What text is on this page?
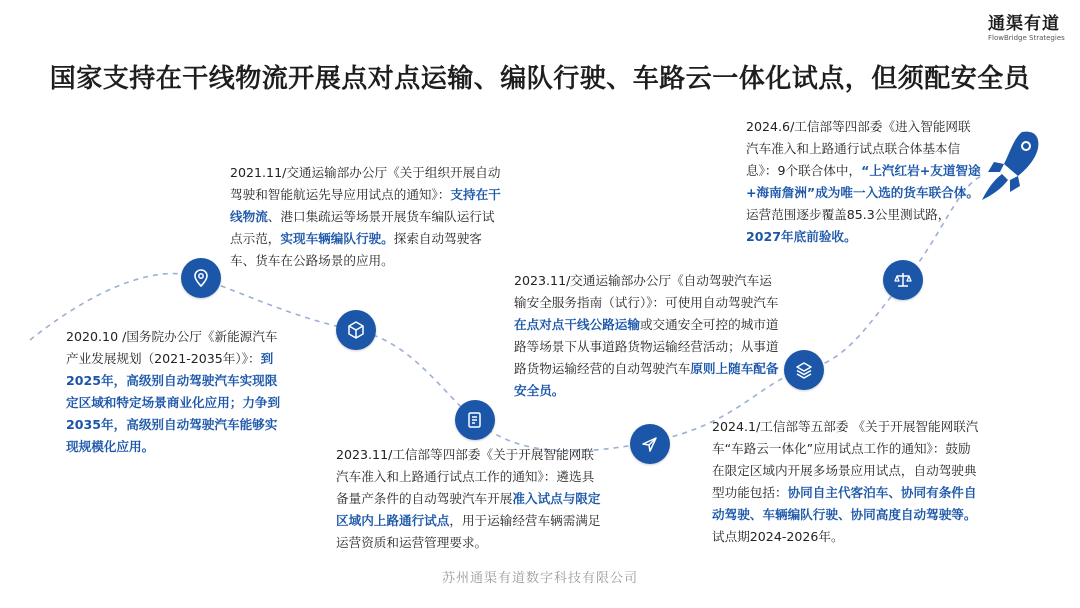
通渠有道
FlowBridge Strategies
国家支持在干线物流开展点对点运输、编队行驶、车路云一体化试点，但须配安全员
2021.11/交通运输部办公厅《关于组织开展自动驾驶和智能航运先导应用试点的通知》：支持在干线物流、港口集疏运等场景开展货车编队运行试点示范，实现车辆编队行驶。探索自动驾驶客车、货车在公路场景的应用。
2020.10 /国务院办公厅《新能源汽车产业发展规划（2021-2035年）》：到2025年，高级别自动驾驶汽车实现限定区域和特定场景商业化应用；力争到2035年，高级别自动驾驶汽车能够实现规模化应用。
2023.11/工信部等四部委《关于开展智能网联汽车准入和上路通行试点工作的通知》：遴选具备量产条件的自动驾驶汽车开展准入试点与限定区域内上路通行试点，用于运输经营车辆需满足运营资质和运营管理要求。
2023.11/交通运输部办公厅《自动驾驶汽车运输安全服务指南（试行）》：可使用自动驾驶汽车在点对点干线公路运输或交通安全可控的城市道路等场景下从事道路货物运输经营活动；从事道路货物运输经营的自动驾驶汽车原则上随车配备安全员。
2024.1/工信部等五部委 《关于开展智能网联汽车“车路云一体化”应用试点工作的通知》：鼓励在限定区域内开展多场景应用试点，自动驾驶典型功能包括：协同自主代客泊车、协同有条件自动驾驶、车辆编队行驶、协同高度自动驾驶等。试点期2024-2026年。
2024.6/工信部等四部委《进入智能网联汽车准入和上路通行试点联合体基本信息》：9个联合体中，“上汽红岩+友道智途+海南詹洲”成为唯一入选的货车联合体。运营范围逐步覆盖85.3公里测试路，2027年底前验收。
苏州通渠有道数字科技有限公司
